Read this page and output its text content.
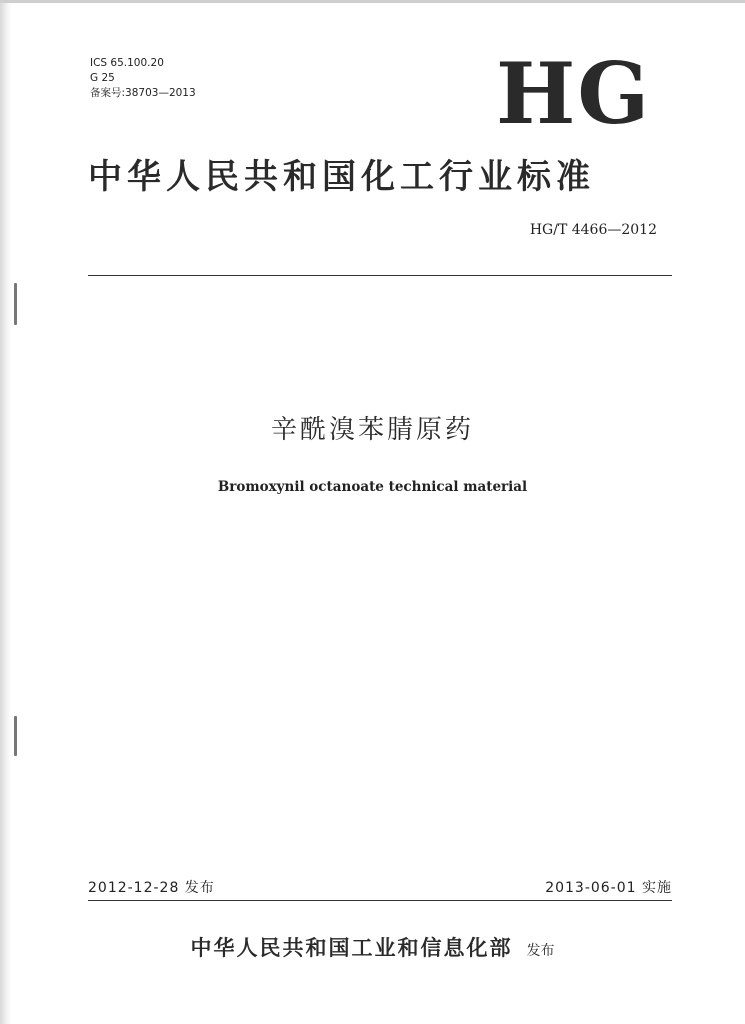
ICS 65.100.20
G 25
备案号:38703—2013	HG
中华人民共和国化工行业标准
HG/T 4466—2012
辛酰溴苯腈原药
Bromoxynil octanoate technical material
2012-12-28 发布	2013-06-01 实施
中华人民共和国工业和信息化部 发布
